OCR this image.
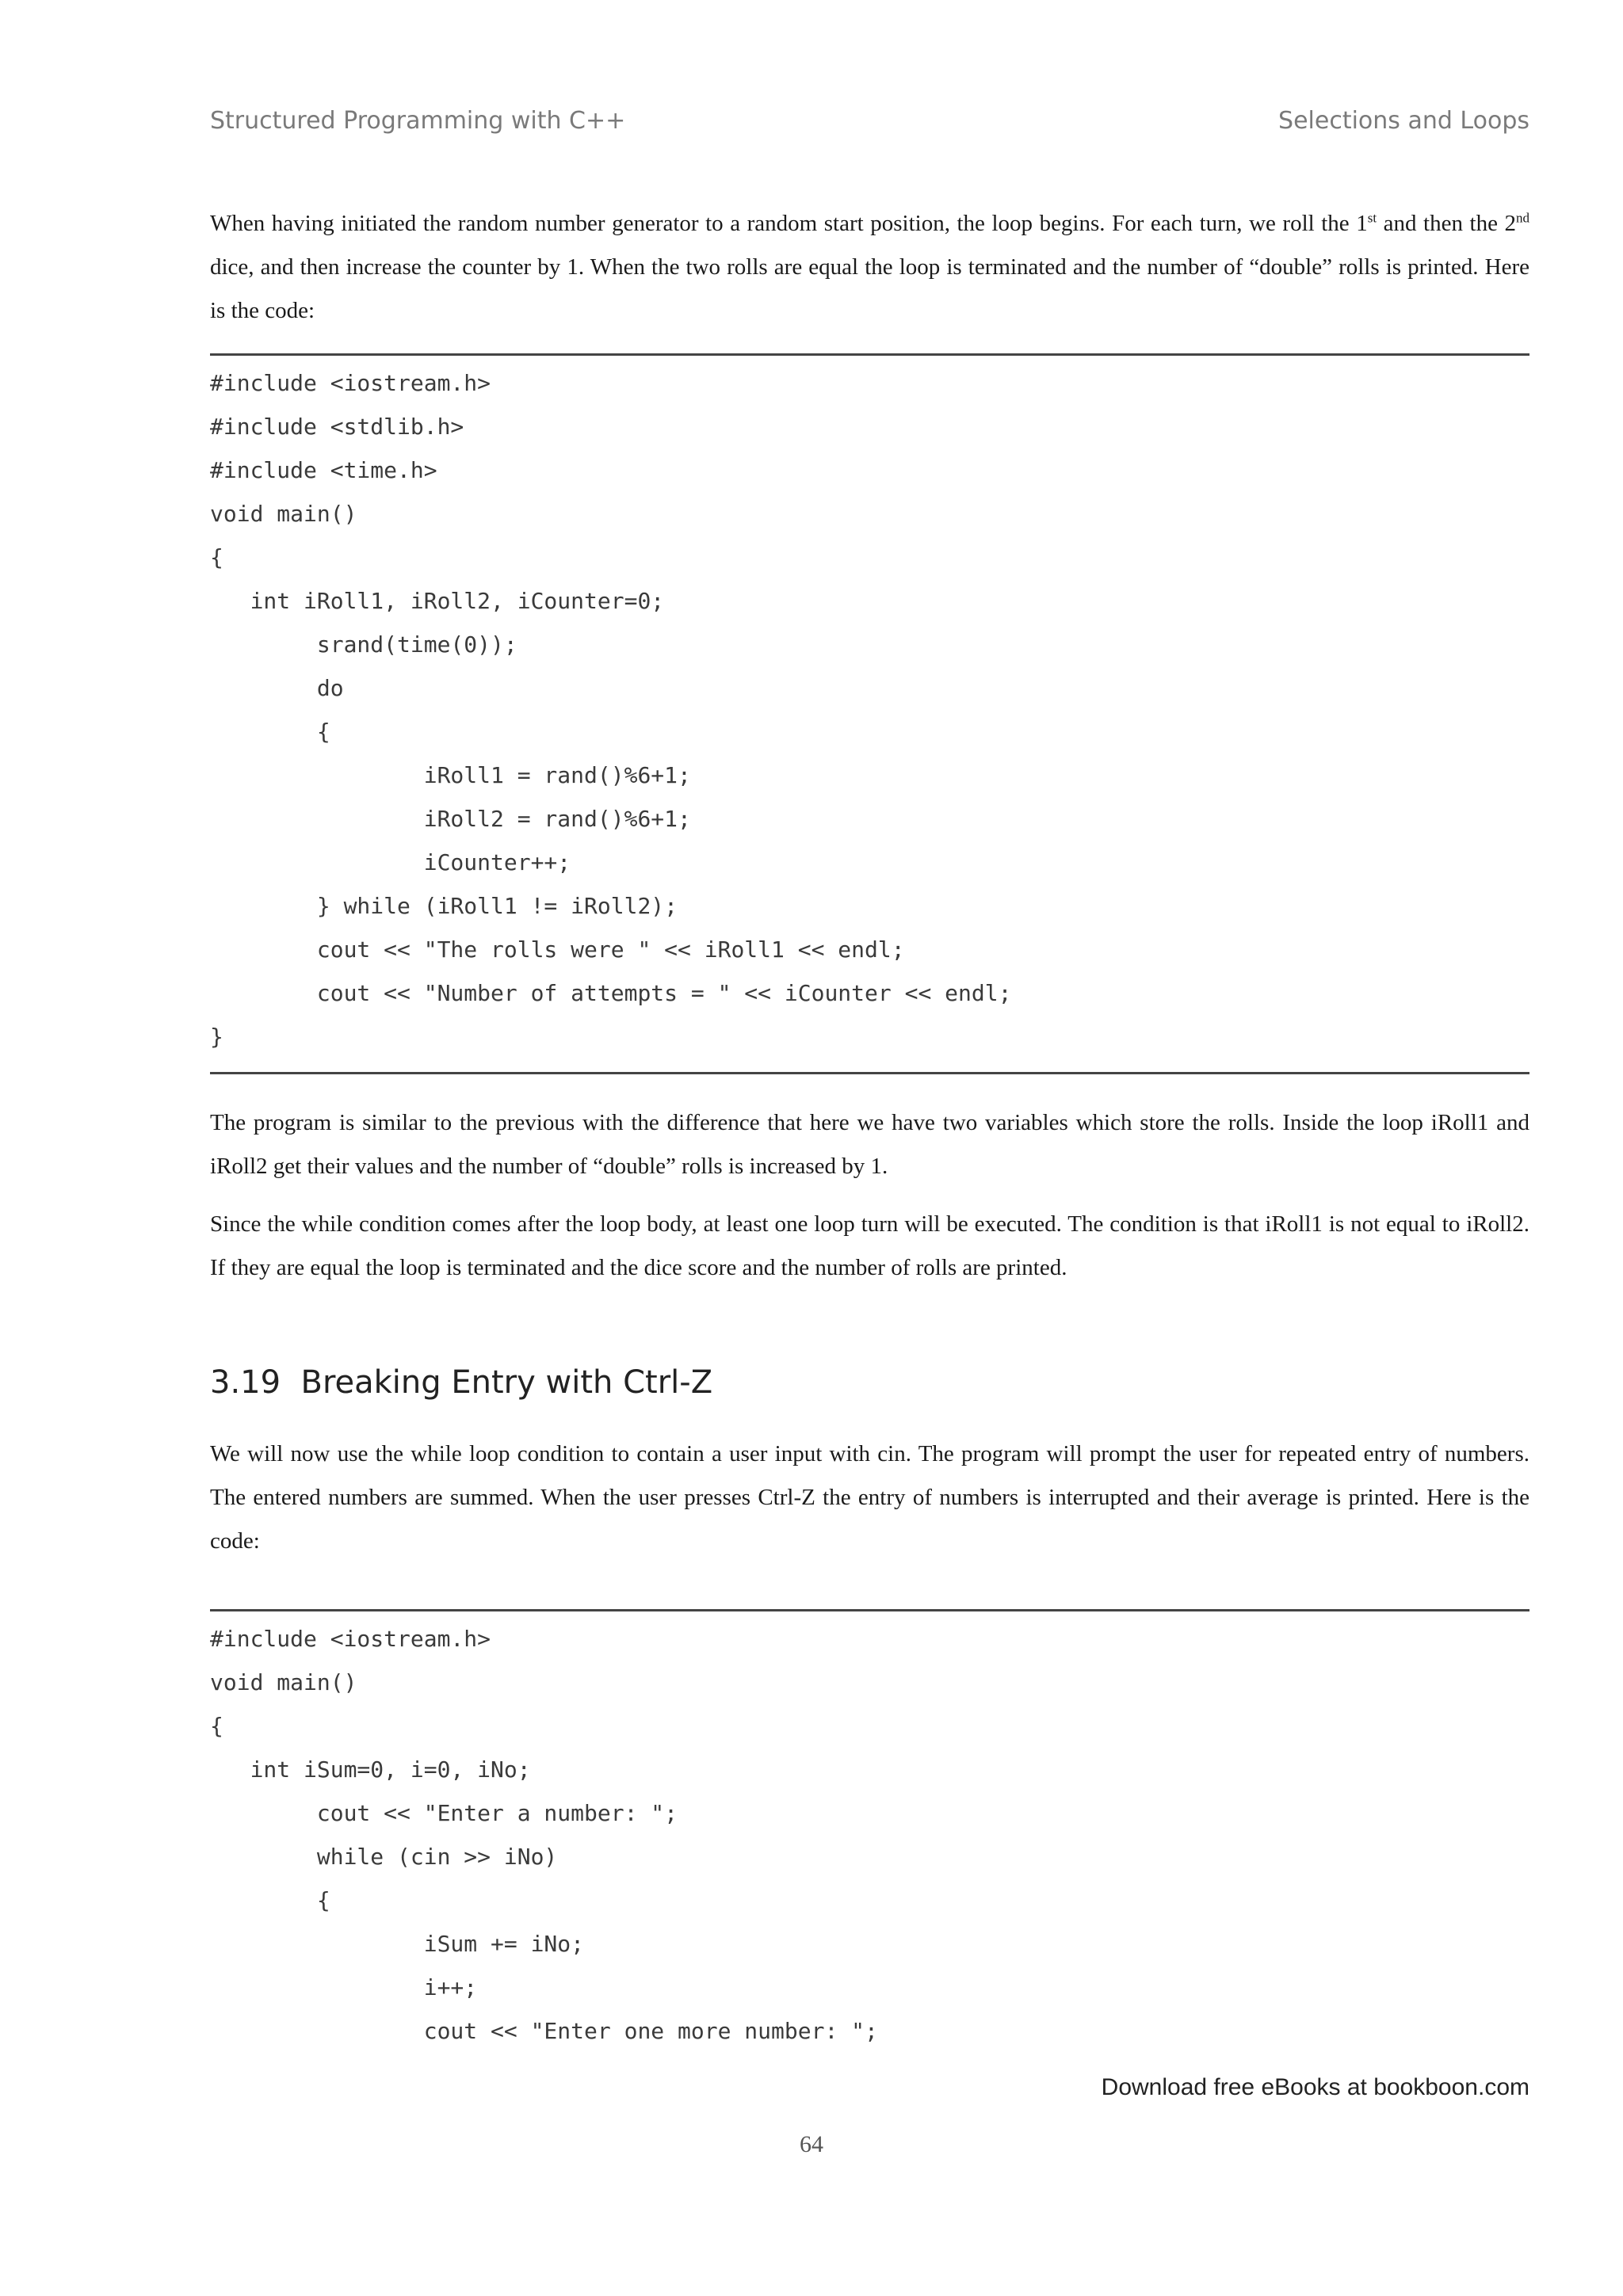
Structured Programming with C++	Selections and Loops

When having initiated the random number generator to a random start position, the loop begins. For each turn, we roll the 1st and then the 2nd dice, and then increase the counter by 1. When the two rolls are equal the loop is terminated and the number of “double” rolls is printed. Here is the code:

#include <iostream.h>
#include <stdlib.h>
#include <time.h>
void main()
{
int iRoll1, iRoll2, iCounter=0;
srand(time(0));
do
{
iRoll1 = rand()%6+1;
iRoll2 = rand()%6+1;
iCounter++;
} while (iRoll1 != iRoll2);
cout << "The rolls were " << iRoll1 << endl;
cout << "Number of attempts = " << iCounter << endl;
}

The program is similar to the previous with the difference that here we have two variables which store the rolls. Inside the loop iRoll1 and iRoll2 get their values and the number of “double” rolls is increased by 1.

Since the while condition comes after the loop body, at least one loop turn will be executed. The condition is that iRoll1 is not equal to iRoll2. If they are equal the loop is terminated and the dice score and the number of rolls are printed.

3.19 Breaking Entry with Ctrl-Z

We will now use the while loop condition to contain a user input with cin. The program will prompt the user for repeated entry of numbers. The entered numbers are summed. When the user presses Ctrl-Z the entry of numbers is interrupted and their average is printed. Here is the code:

#include <iostream.h>
void main()
{
int iSum=0, i=0, iNo;
cout << "Enter a number: ";
while (cin >> iNo)
{
iSum += iNo;
i++;
cout << "Enter one more number: ";
Download free eBooks at bookboon.com
64
